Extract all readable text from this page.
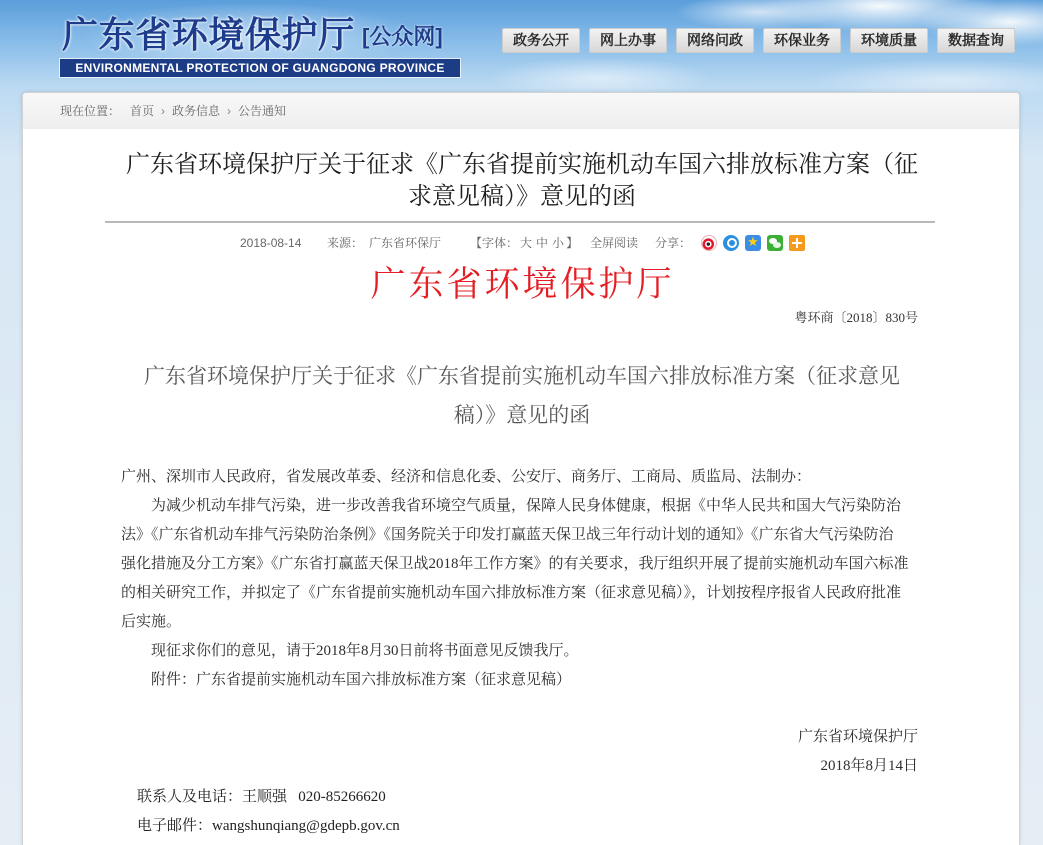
广东省环境保护厅 [公众网]
ENVIRONMENTAL PROTECTION OF GUANGDONG PROVINCE
政务公开	网上办事	网络问政	环保业务	环境质量	数据查询
现在位置： 首页 › 政务信息 › 公告通知
广东省环境保护厅关于征求《广东省提前实施机动车国六排放标准方案（征
求意见稿）》意见的函
2018-08-14 来源： 广东省环保厅 【字体： 大 中 小 】 全屏阅读 分享：
★
广东省环境保护厅
粤环商〔2018〕830号
广东省环境保护厅关于征求《广东省提前实施机动车国六排放标准方案（征求意见
稿）》意见的函
广州、深圳市人民政府，省发展改革委、经济和信息化委、公安厅、商务厅、工商局、质监局、法制办：
为减少机动车排气污染，进一步改善我省环境空气质量，保障人民身体健康，根据《中华人民共和国大气污染防治
法》《广东省机动车排气污染防治条例》《国务院关于印发打赢蓝天保卫战三年行动计划的通知》《广东省大气污染防治
强化措施及分工方案》《广东省打赢蓝天保卫战2018年工作方案》的有关要求，我厅组织开展了提前实施机动车国六标准
的相关研究工作，并拟定了《广东省提前实施机动车国六排放标准方案（征求意见稿）》，计划按程序报省人民政府批准
后实施。
现征求你们的意见，请于2018年8月30日前将书面意见反馈我厅。
附件：广东省提前实施机动车国六排放标准方案（征求意见稿）
广东省环境保护厅
2018年8月14日
联系人及电话：王顺强   020-85266620
电子邮件：wangshunqiang@gdepb.gov.cn
